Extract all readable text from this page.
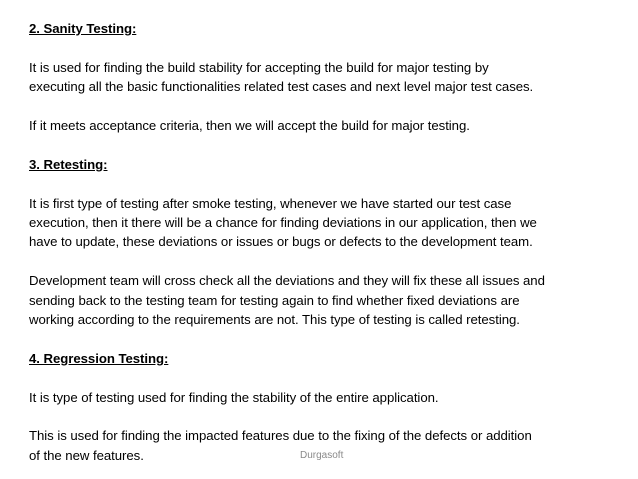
2. Sanity Testing:

It is used for finding the build stability for accepting the build for major testing by
executing all the basic functionalities related test cases and next level major test cases.

If it meets acceptance criteria, then we will accept the build for major testing.

3. Retesting:

It is first type of testing after smoke testing, whenever we have started our test case
execution, then it there will be a chance for finding deviations in our application, then we
have to update, these deviations or issues or bugs or defects to the development team.

Development team will cross check all the deviations and they will fix these all issues and
sending back to the testing team for testing again to find whether fixed deviations are
working according to the requirements are not. This type of testing is called retesting.

4. Regression Testing:

It is type of testing used for finding the stability of the entire application.

This is used for finding the impacted features due to the fixing of the defects or addition
of the new features.	Durgasoft
